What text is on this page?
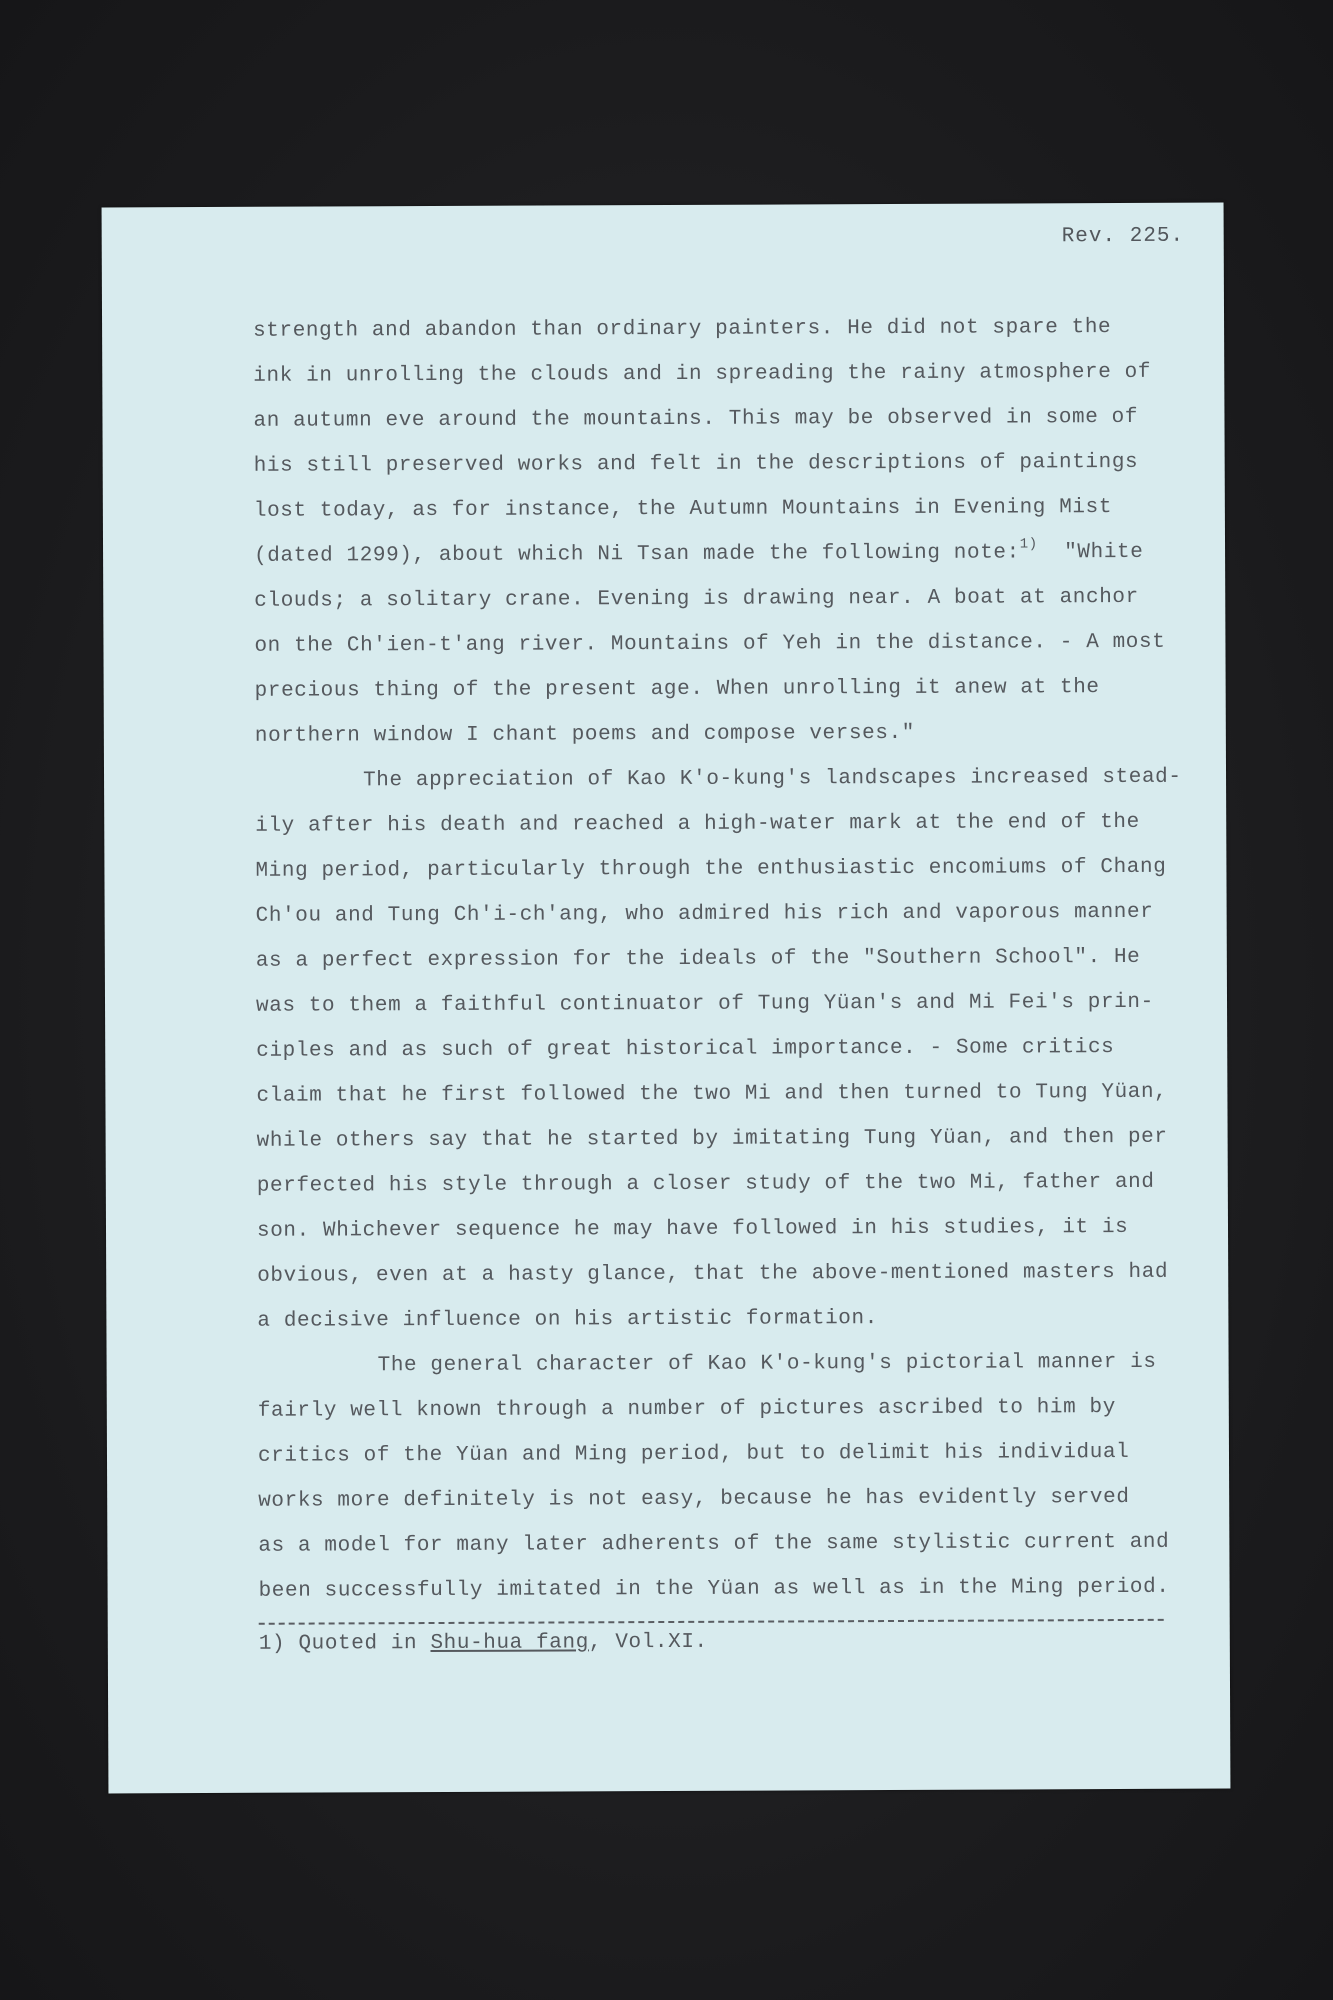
Rev. 225.
strength and abandon than ordinary painters. He did not spare the
ink in unrolling the clouds and in spreading the rainy atmosphere of
an autumn eve around the mountains. This may be observed in some of
his still preserved works and felt in the descriptions of paintings
lost today, as for instance, the Autumn Mountains in Evening Mist
(dated 1299), about which Ni Tsan made the following note:$^{1)}$ "White
clouds; a solitary crane. Evening is drawing near. A boat at anchor
on the Ch'ien-t'ang river. Mountains of Yeh in the distance. - A most
precious thing of the present age. When unrolling it anew at the
northern window I chant poems and compose verses."
The appreciation of Kao K'o-kung's landscapes increased stead-
ily after his death and reached a high-water mark at the end of the
Ming period, particularly through the enthusiastic encomiums of Chang
Ch'ou and Tung Ch'i-ch'ang, who admired his rich and vaporous manner
as a perfect expression for the ideals of the "Southern School". He
was to them a faithful continuator of Tung Yüan's and Mi Fei's prin-
ciples and as such of great historical importance. - Some critics
claim that he first followed the two Mi and then turned to Tung Yüan,
while others say that he started by imitating Tung Yüan, and then per
perfected his style through a closer study of the two Mi, father and
son. Whichever sequence he may have followed in his studies, it is
obvious, even at a hasty glance, that the above-mentioned masters had
a decisive influence on his artistic formation.
The general character of Kao K'o-kung's pictorial manner is
fairly well known through a number of pictures ascribed to him by
critics of the Yüan and Ming period, but to delimit his individual
works more definitely is not easy, because he has evidently served
as a model for many later adherents of the same stylistic current and
been successfully imitated in the Yüan as well as in the Ming period.
1) Quoted in Shu-hua fang, Vol.XI.
